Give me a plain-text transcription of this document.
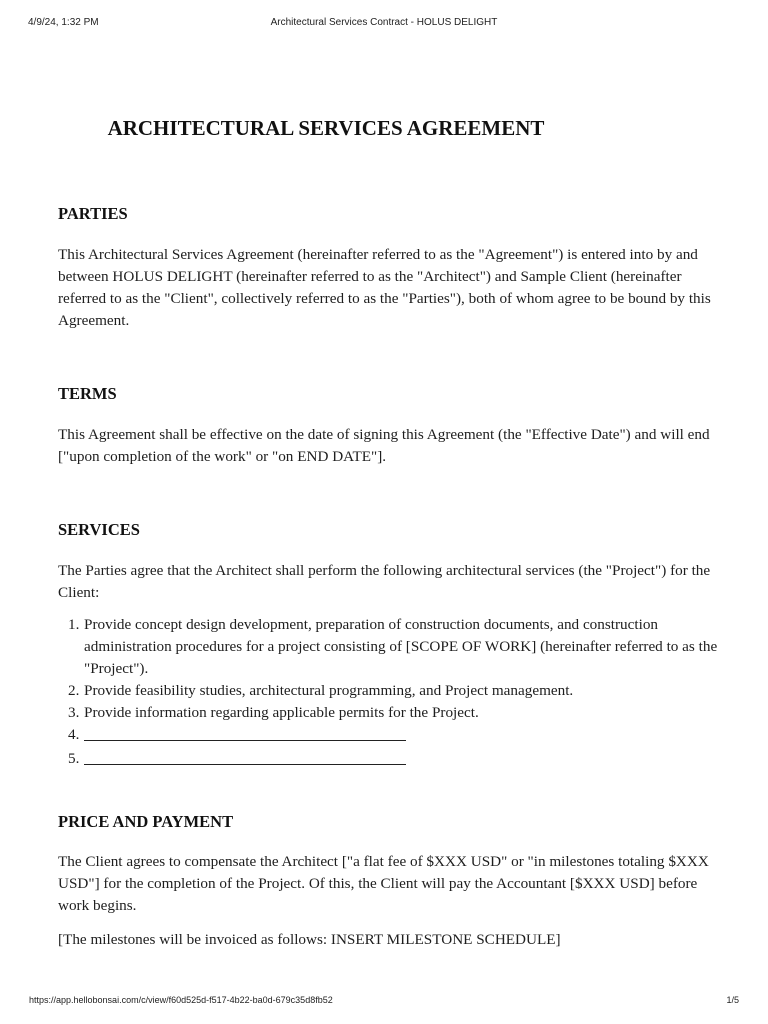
4/9/24, 1:32 PM	Architectural Services Contract - HOLUS DELIGHT
ARCHITECTURAL SERVICES AGREEMENT
PARTIES

This Architectural Services Agreement (hereinafter referred to as the "Agreement") is entered into by and between HOLUS DELIGHT (hereinafter referred to as the "Architect") and Sample Client (hereinafter referred to as the "Client", collectively referred to as the "Parties"), both of whom agree to be bound by this Agreement.

TERMS

This Agreement shall be effective on the date of signing this Agreement (the "Effective Date") and will end ["upon completion of the work" or "on END DATE"].

SERVICES

The Parties agree that the Architect shall perform the following architectural services (the "Project") for the Client:

1. Provide concept design development, preparation of construction documents, and construction administration procedures for a project consisting of [SCOPE OF WORK] (hereinafter referred to as the "Project").
2. Provide feasibility studies, architectural programming, and Project management.
3. Provide information regarding applicable permits for the Project.
4.
5.
PRICE AND PAYMENT

The Client agrees to compensate the Architect ["a flat fee of $XXX USD" or "in milestones totaling $XXX USD"] for the completion of the Project. Of this, the Client will pay the Accountant [$XXX USD] before work begins.

[The milestones will be invoiced as follows: INSERT MILESTONE SCHEDULE]

https://app.hellobonsai.com/c/view/f60d525d-f517-4b22-ba0d-679c35d8fb52	1/5
